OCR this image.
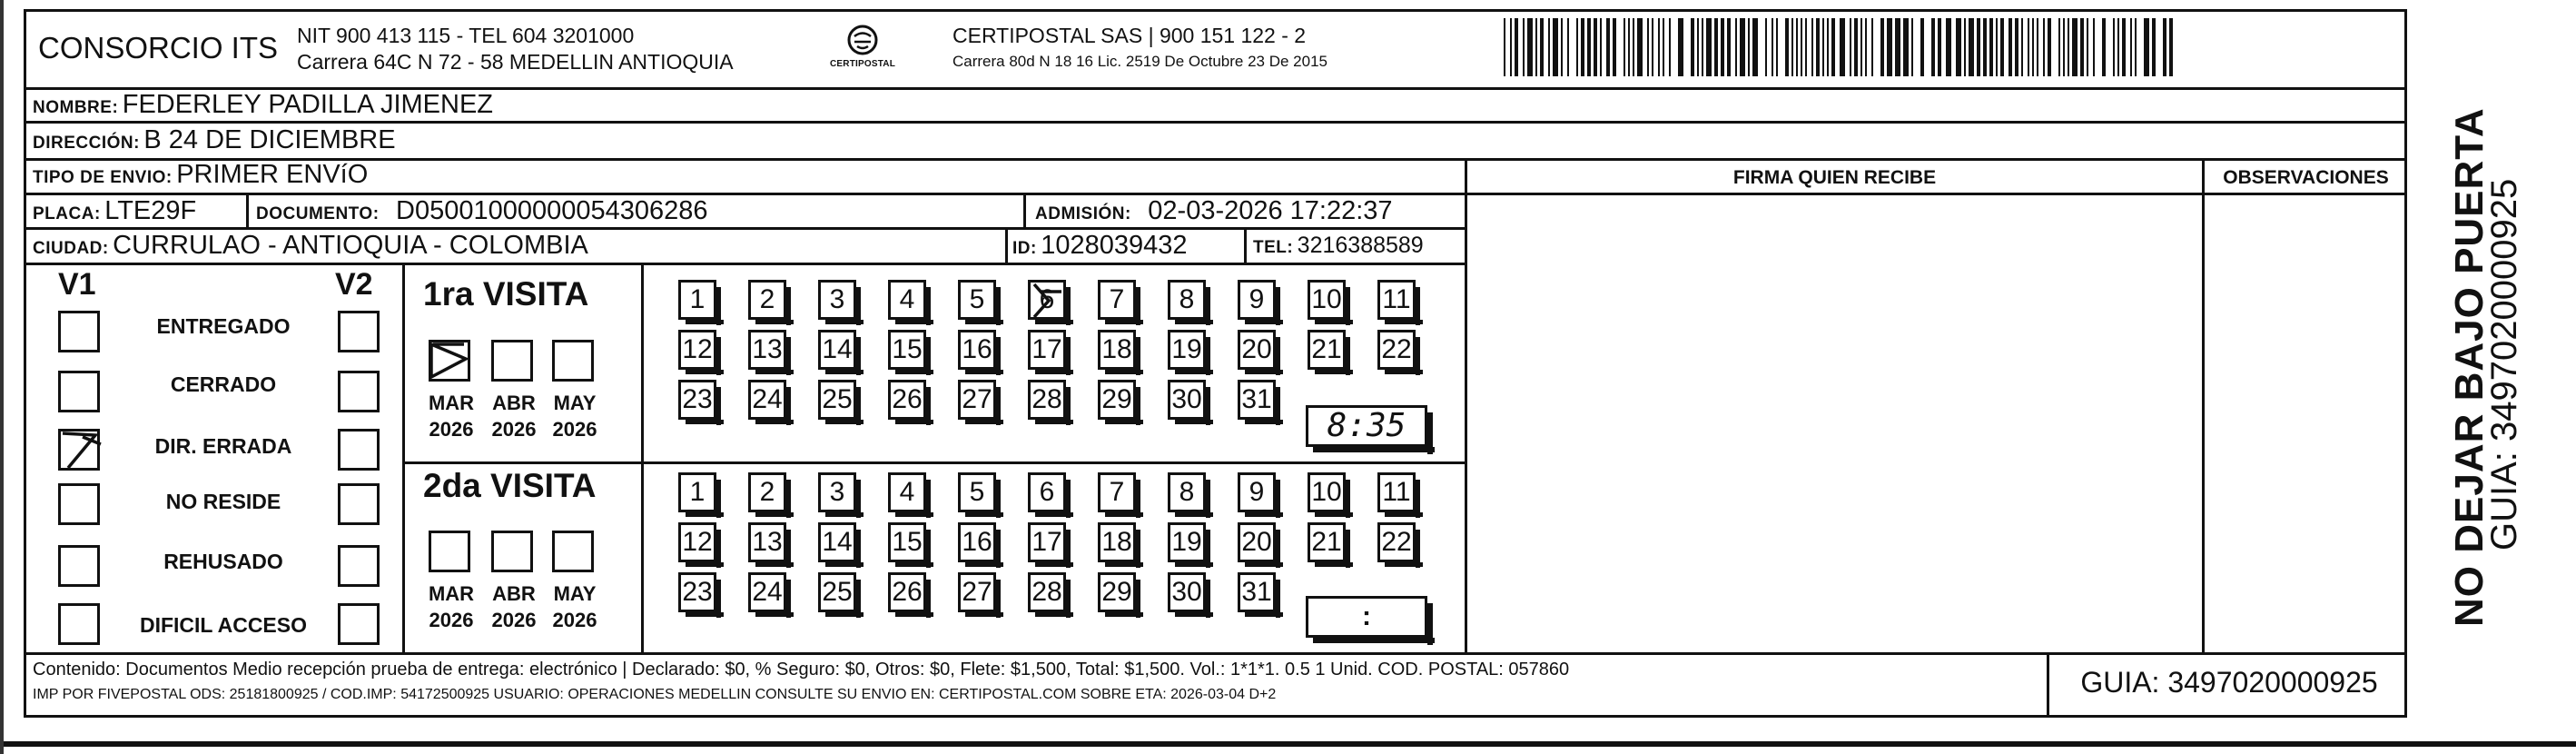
CONSORCIO ITS NIT 900 413 115 - TEL 604 3201000
Carrera 64C N 72 - 58 MEDELLIN ANTIOQUIA	CERTIPOSTAL
CERTIPOSTAL SAS | 900 151 122 - 2
Carrera 80d N 18 16 Lic. 2519 De Octubre 23 De 2015
NOMBRE: FEDERLEY PADILLA JIMENEZ
DIRECCIÓN: B 24 DE DICIEMBRE
TIPO DE ENVIO: PRIMER ENVíO	FIRMA QUIEN RECIBE	OBSERVACIONES
PLACA: LTE29F	DOCUMENTO: D05001000000054306286	ADMISIÓN: 02-03-2026 17:22:37
CIUDAD: CURRULAO - ANTIOQUIA - COLOMBIA	ID: 1028039432	TEL: 3216388589
V1	V2
ENTREGADO
CERRADO
DIR. ERRADA
NO RESIDE
REHUSADO
DIFICIL ACCESO
1ra VISITA
MAR
2026
ABR
2026
MAY
2026
1	2	3	4	5	6	7	8	9	10 11
12 13 14 15 16 17 18 19 20 21 22
23 24 25 26 27 28 29 30 31
8:35
2da VISITA
MAR
2026
ABR
2026
MAY
2026
1	2	3	4	5	6	7	8	9	10 11
12 13 14 15 16 17 18 19 20 21 22
23 24 25 26 27 28 29 30 31
:
Contenido: Documentos Medio recepción prueba de entrega: electrónico | Declarado: $0, % Seguro: $0, Otros: $0, Flete: $1,500, Total: $1,500. Vol.: 1*1*1. 0.5 1 Unid. COD. POSTAL: 057860
IMP POR FIVEPOSTAL ODS: 25181800925 / COD.IMP: 54172500925 USUARIO: OPERACIONES MEDELLIN CONSULTE SU ENVIO EN: CERTIPOSTAL.COM SOBRE ETA: 2026-03-04 D+2	GUIA: 3497020000925
NO DEJAR BAJO PUERTA
GUIA: 3497020000925
